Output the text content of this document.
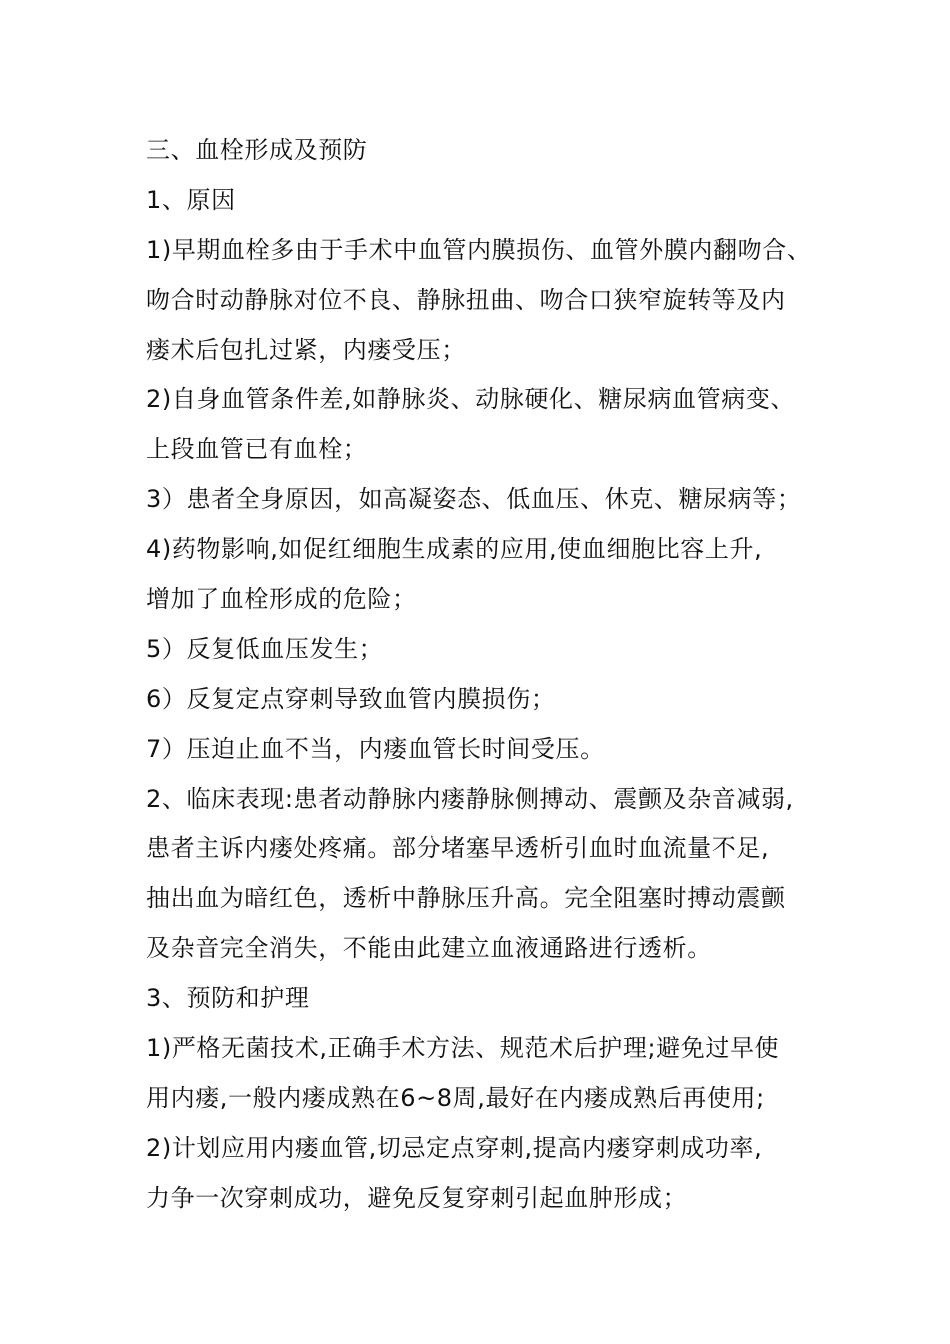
三、血栓形成及预防
1、原因
1)早期血栓多由于手术中血管内膜损伤、血管外膜内翻吻合、
吻合时动静脉对位不良、静脉扭曲、吻合口狭窄旋转等及内
瘘术后包扎过紧，内瘘受压；
2)自身血管条件差,如静脉炎、动脉硬化、糖尿病血管病变、
上段血管已有血栓；
3）患者全身原因，如高凝姿态、低血压、休克、糖尿病等；
4)药物影响,如促红细胞生成素的应用,使血细胞比容上升,
增加了血栓形成的危险；
5）反复低血压发生；
6）反复定点穿刺导致血管内膜损伤；
7）压迫止血不当，内瘘血管长时间受压。
2、临床表现:患者动静脉内瘘静脉侧搏动、震颤及杂音减弱,
患者主诉内瘘处疼痛。部分堵塞早透析引血时血流量不足,
抽出血为暗红色，透析中静脉压升高。完全阻塞时搏动震颤
及杂音完全消失，不能由此建立血液通路进行透析。
3、预防和护理
1)严格无菌技术,正确手术方法、规范术后护理;避免过早使
用内瘘,一般内瘘成熟在6~8周,最好在内瘘成熟后再使用;
2)计划应用内瘘血管,切忌定点穿刺,提高内瘘穿刺成功率,
力争一次穿刺成功，避免反复穿刺引起血肿形成；
